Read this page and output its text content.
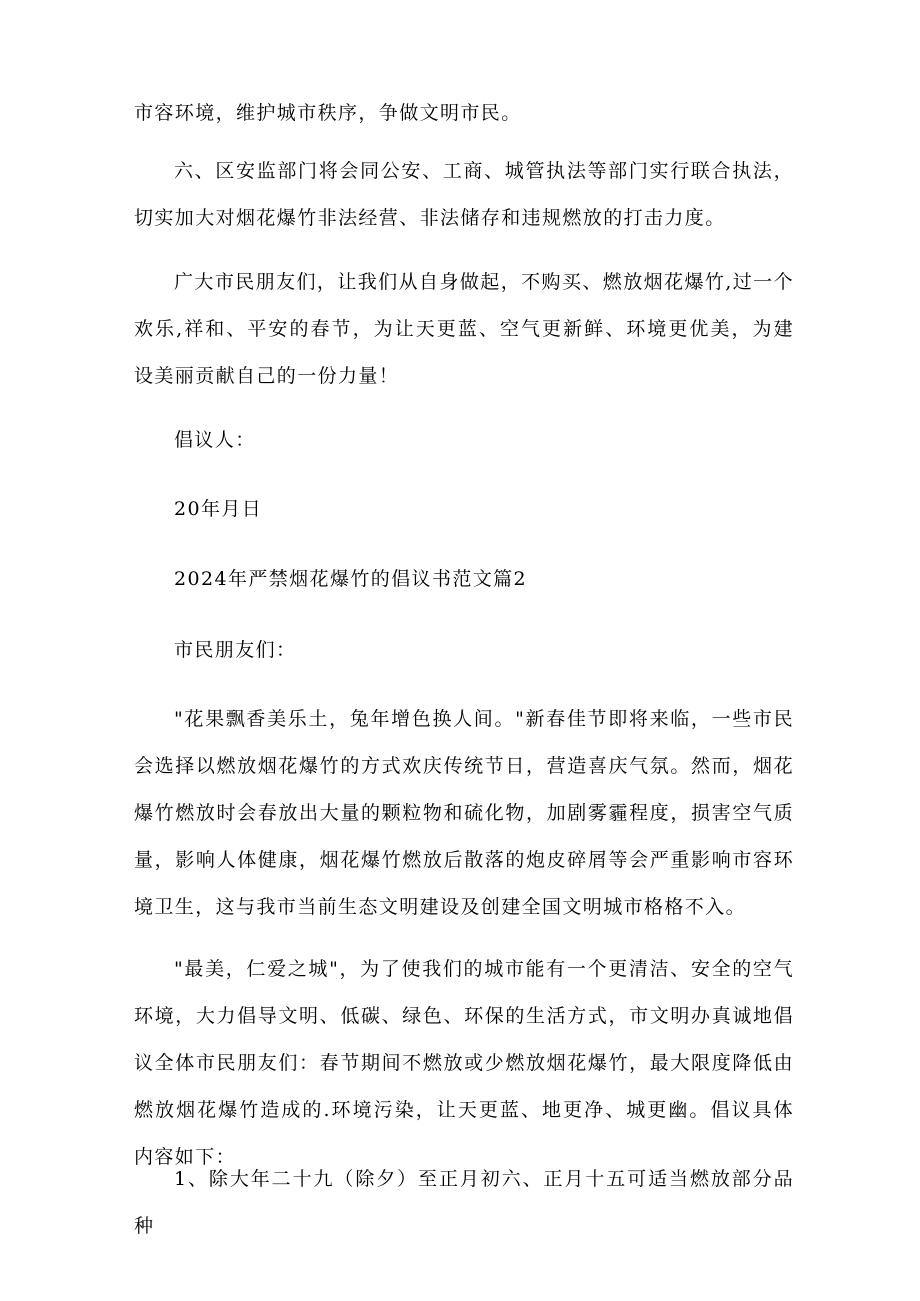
市容环境，维护城市秩序，争做文明市民。

六、区安监部门将会同公安、工商、城管执法等部门实行联合执法，切实加大对烟花爆竹非法经营、非法储存和违规燃放的打击力度。

广大市民朋友们，让我们从自身做起，不购买、燃放烟花爆竹,过一个欢乐,祥和、平安的春节，为让天更蓝、空气更新鲜、环境更优美，为建设美丽贡献自己的一份力量！

倡议人：

20年月日

2024年严禁烟花爆竹的倡议书范文篇2

市民朋友们：

"花果飘香美乐土，兔年增色换人间。"新春佳节即将来临，一些市民会选择以燃放烟花爆竹的方式欢庆传统节日，营造喜庆气氛。然而，烟花爆竹燃放时会春放出大量的颗粒物和硫化物，加剧雾霾程度，损害空气质量，影响人体健康，烟花爆竹燃放后散落的炮皮碎屑等会严重影响市容环境卫生，这与我市当前生态文明建设及创建全国文明城市格格不入。

"最美，仁爱之城"，为了使我们的城市能有一个更清洁、安全的空气环境，大力倡导文明、低碳、绿色、环保的生活方式，市文明办真诚地倡议全体市民朋友们：春节期间不燃放或少燃放烟花爆竹，最大限度降低由燃放烟花爆竹造成的.环境污染，让天更蓝、地更净、城更幽。倡议具体内容如下：

1、除大年二十九（除夕）至正月初六、正月十五可适当燃放部分品种
